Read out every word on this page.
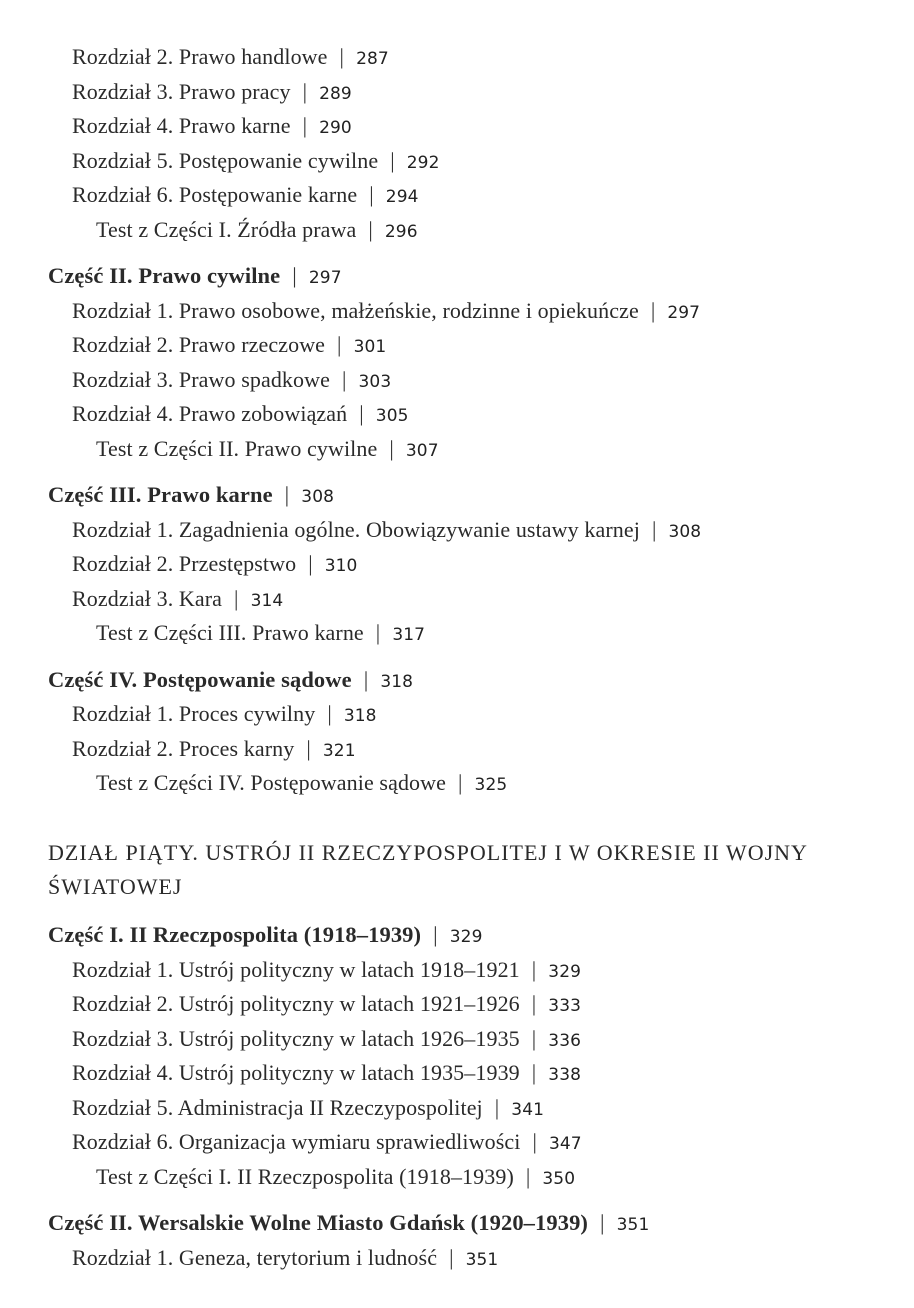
Rozdział 2. Prawo handlowe | 287
Rozdział 3. Prawo pracy | 289
Rozdział 4. Prawo karne | 290
Rozdział 5. Postępowanie cywilne | 292
Rozdział 6. Postępowanie karne | 294
Test z Części I. Źródła prawa | 296
Część II. Prawo cywilne | 297
Rozdział 1. Prawo osobowe, małżeńskie, rodzinne i opiekuńcze | 297
Rozdział 2. Prawo rzeczowe | 301
Rozdział 3. Prawo spadkowe | 303
Rozdział 4. Prawo zobowiązań | 305
Test z Części II. Prawo cywilne | 307
Część III. Prawo karne | 308
Rozdział 1. Zagadnienia ogólne. Obowiązywanie ustawy karnej | 308
Rozdział 2. Przestępstwo | 310
Rozdział 3. Kara | 314
Test z Części III. Prawo karne | 317
Część IV. Postępowanie sądowe | 318
Rozdział 1. Proces cywilny | 318
Rozdział 2. Proces karny | 321
Test z Części IV. Postępowanie sądowe | 325
DZIAŁ PIĄTY. USTRÓJ II RZECZYPOSPOLITEJ I W OKRESIE II WOJNY ŚWIATOWEJ
Część I. II Rzeczpospolita (1918–1939) | 329
Rozdział 1. Ustrój polityczny w latach 1918–1921 | 329
Rozdział 2. Ustrój polityczny w latach 1921–1926 | 333
Rozdział 3. Ustrój polityczny w latach 1926–1935 | 336
Rozdział 4. Ustrój polityczny w latach 1935–1939 | 338
Rozdział 5. Administracja II Rzeczypospolitej | 341
Rozdział 6. Organizacja wymiaru sprawiedliwości | 347
Test z Części I. II Rzeczpospolita (1918–1939) | 350
Część II. Wersalskie Wolne Miasto Gdańsk (1920–1939) | 351
Rozdział 1. Geneza, terytorium i ludność | 351
